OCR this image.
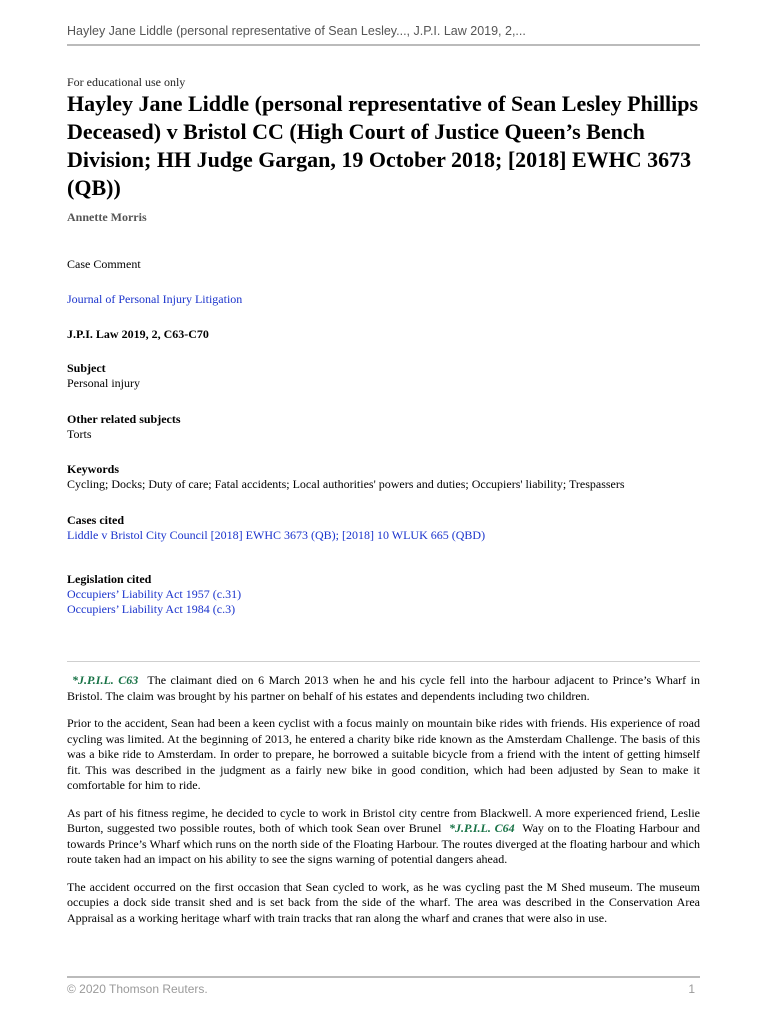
Hayley Jane Liddle (personal representative of Sean Lesley..., J.P.I. Law 2019, 2,...
For educational use only
Hayley Jane Liddle (personal representative of Sean Lesley Phillips Deceased) v Bristol CC (High Court of Justice Queen’s Bench Division; HH Judge Gargan, 19 October 2018; [2018] EWHC 3673 (QB))
Annette Morris
Case Comment
Journal of Personal Injury Litigation
J.P.I. Law 2019, 2, C63-C70
Subject
Personal injury
Other related subjects
Torts
Keywords
Cycling; Docks; Duty of care; Fatal accidents; Local authorities' powers and duties; Occupiers' liability; Trespassers
Cases cited
Liddle v Bristol City Council [2018] EWHC 3673 (QB); [2018] 10 WLUK 665 (QBD)
Legislation cited
Occupiers’ Liability Act 1957 (c.31)
Occupiers’ Liability Act 1984 (c.3)

*J.P.I.L. C63 The claimant died on 6 March 2013 when he and his cycle fell into the harbour adjacent to Prince’s Wharf in Bristol. The claim was brought by his partner on behalf of his estates and dependents including two children.

Prior to the accident, Sean had been a keen cyclist with a focus mainly on mountain bike rides with friends. His experience of road cycling was limited. At the beginning of 2013, he entered a charity bike ride known as the Amsterdam Challenge. The basis of this was a bike ride to Amsterdam. In order to prepare, he borrowed a suitable bicycle from a friend with the intent of getting himself fit. This was described in the judgment as a fairly new bike in good condition, which had been adjusted by Sean to make it comfortable for him to ride.

As part of his fitness regime, he decided to cycle to work in Bristol city centre from Blackwell. A more experienced friend, Leslie Burton, suggested two possible routes, both of which took Sean over Brunel *J.P.I.L. C64 Way on to the Floating Harbour and towards Prince’s Wharf which runs on the north side of the Floating Harbour. The routes diverged at the floating harbour and which route taken had an impact on his ability to see the signs warning of potential dangers ahead.

The accident occurred on the first occasion that Sean cycled to work, as he was cycling past the M Shed museum. The museum occupies a dock side transit shed and is set back from the side of the wharf. The area was described in the Conservation Area Appraisal as a working heritage wharf with train tracks that ran along the wharf and cranes that were also in use.

© 2020 Thomson Reuters.	1
